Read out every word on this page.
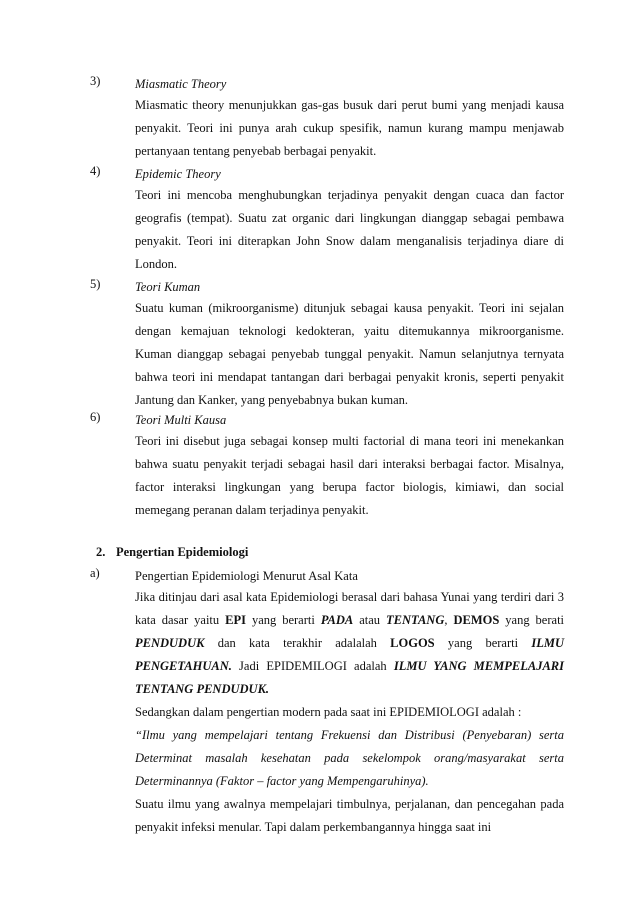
3)	Miasmatic Theory
Miasmatic theory menunjukkan gas-gas busuk dari perut bumi yang menjadi kausa penyakit. Teori ini punya arah cukup spesifik, namun kurang mampu menjawab pertanyaan tentang penyebab berbagai penyakit.
4)	Epidemic Theory
Teori ini mencoba menghubungkan terjadinya penyakit dengan cuaca dan factor geografis (tempat). Suatu zat organic dari lingkungan dianggap sebagai pembawa penyakit. Teori ini diterapkan John Snow dalam menganalisis terjadinya diare di London.
5)	Teori Kuman
Suatu kuman (mikroorganisme) ditunjuk sebagai kausa penyakit. Teori ini sejalan dengan kemajuan teknologi kedokteran, yaitu ditemukannya mikroorganisme. Kuman dianggap sebagai penyebab tunggal penyakit. Namun selanjutnya ternyata bahwa teori ini mendapat tantangan dari berbagai penyakit kronis, seperti penyakit Jantung dan Kanker, yang penyebabnya bukan kuman.
6)	Teori Multi Kausa
Teori ini disebut juga sebagai konsep multi factorial di mana teori ini menekankan bahwa suatu penyakit terjadi sebagai hasil dari interaksi berbagai factor. Misalnya, factor interaksi lingkungan yang berupa factor biologis, kimiawi, dan social memegang peranan dalam terjadinya penyakit.
2. Pengertian Epidemiologi
a)	Pengertian Epidemiologi Menurut Asal Kata
Jika ditinjau dari asal kata Epidemiologi berasal dari bahasa Yunai yang terdiri dari 3 kata dasar yaitu EPI yang berarti PADA atau TENTANG, DEMOS yang berati PENDUDUK dan kata terakhir adalalah LOGOS yang berarti ILMU PENGETAHUAN. Jadi EPIDEMILOGI adalah ILMU YANG MEMPELAJARI TENTANG PENDUDUK.
Sedangkan dalam pengertian modern pada saat ini EPIDEMIOLOGI adalah :
“Ilmu yang mempelajari tentang Frekuensi dan Distribusi (Penyebaran) serta Determinat masalah kesehatan pada sekelompok orang/masyarakat serta Determinannya (Faktor – factor yang Mempengaruhinya).
Suatu ilmu yang awalnya mempelajari timbulnya, perjalanan, dan pencegahan pada penyakit infeksi menular. Tapi dalam perkembangannya hingga saat ini
